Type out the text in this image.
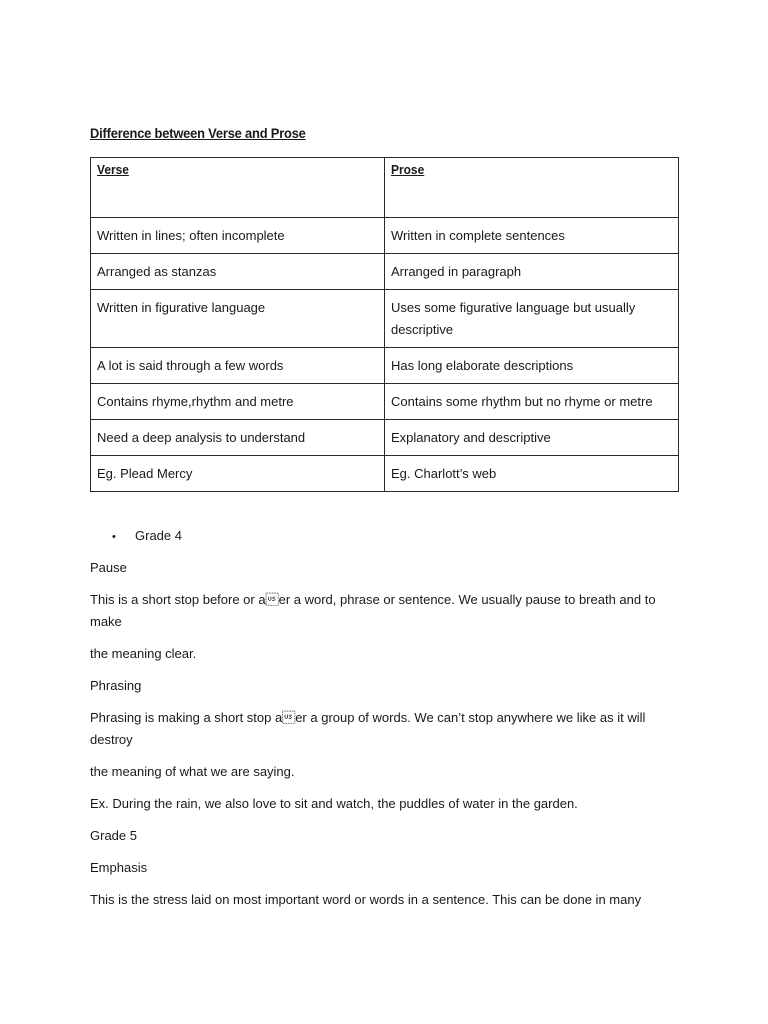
Difference between Verse and Prose
Verse	Prose
Written in lines; often incomplete	Written in complete sentences
Arranged as stanzas	Arranged in paragraph
Written in figurative language	Uses some figurative language but usually descriptive
A lot is said through a few words	Has long elaborate descriptions
Contains rhyme,rhythm and metre	Contains some rhythm but no rhyme or metre
Need a deep analysis to understand	Explanatory and descriptive
Eg. Plead Mercy	Eg. Charlott’s web
• Grade 4

Pause

This is a short stop before or aer a word, phrase or sentence. We usually pause to breath and to make

the meaning clear.

Phrasing

Phrasing is making a short stop aer a group of words. We can’t stop anywhere we like as it will destroy

the meaning of what we are saying.

Ex. During the rain, we also love to sit and watch, the puddles of water in the garden.

Grade 5

Emphasis

This is the stress laid on most important word or words in a sentence. This can be done in many
